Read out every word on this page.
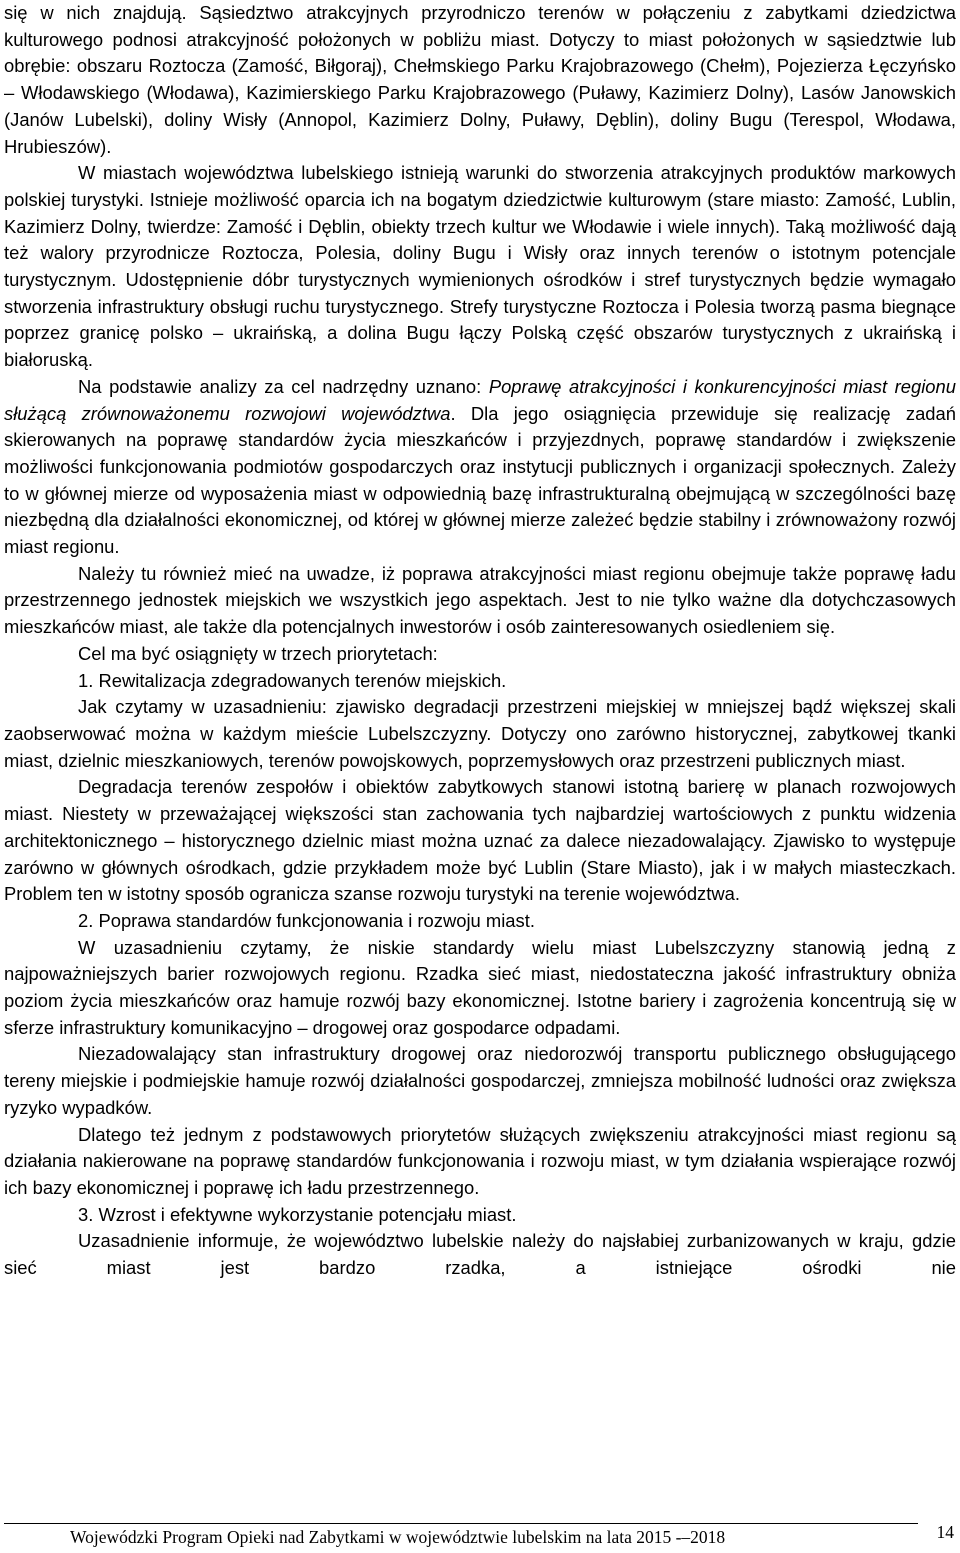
się w nich znajdują. Sąsiedztwo atrakcyjnych przyrodniczo terenów w połączeniu z zabytkami dziedzictwa kulturowego podnosi atrakcyjność położonych w pobliżu miast. Dotyczy to miast położonych w sąsiedztwie lub obrębie: obszaru Roztocza (Zamość, Biłgoraj), Chełmskiego Parku Krajobrazowego (Chełm), Pojezierza Łęczyńsko – Włodawskiego (Włodawa), Kazimierskiego Parku Krajobrazowego (Puławy, Kazimierz Dolny), Lasów Janowskich (Janów Lubelski), doliny Wisły (Annopol, Kazimierz Dolny, Puławy, Dęblin), doliny Bugu (Terespol, Włodawa, Hrubieszów).

W miastach województwa lubelskiego istnieją warunki do stworzenia atrakcyjnych produktów markowych polskiej turystyki. Istnieje możliwość oparcia ich na bogatym dziedzictwie kulturowym (stare miasto: Zamość, Lublin, Kazimierz Dolny, twierdze: Zamość i Dęblin, obiekty trzech kultur we Włodawie i wiele innych). Taką możliwość dają też walory przyrodnicze Roztocza, Polesia, doliny Bugu i Wisły oraz innych terenów o istotnym potencjale turystycznym. Udostępnienie dóbr turystycznych wymienionych ośrodków i stref turystycznych będzie wymagało stworzenia infrastruktury obsługi ruchu turystycznego. Strefy turystyczne Roztocza i Polesia tworzą pasma biegnące poprzez granicę polsko – ukraińską, a dolina Bugu łączy Polską część obszarów turystycznych z ukraińską i białoruską.

Na podstawie analizy za cel nadrzędny uznano: Poprawę atrakcyjności i konkurencyjności miast regionu służącą zrównoważonemu rozwojowi województwa. Dla jego osiągnięcia przewiduje się realizację zadań skierowanych na poprawę standardów życia mieszkańców i przyjezdnych, poprawę standardów i zwiększenie możliwości funkcjonowania podmiotów gospodarczych oraz instytucji publicznych i organizacji społecznych. Zależy to w głównej mierze od wyposażenia miast w odpowiednią bazę infrastrukturalną obejmującą w szczególności bazę niezbędną dla działalności ekonomicznej, od której w głównej mierze zależeć będzie stabilny i zrównoważony rozwój miast regionu.

Należy tu również mieć na uwadze, iż poprawa atrakcyjności miast regionu obejmuje także poprawę ładu przestrzennego jednostek miejskich we wszystkich jego aspektach. Jest to nie tylko ważne dla dotychczasowych mieszkańców miast, ale także dla potencjalnych inwestorów i osób zainteresowanych osiedleniem się.

Cel ma być osiągnięty w trzech priorytetach:

1. Rewitalizacja zdegradowanych terenów miejskich.

Jak czytamy w uzasadnieniu: zjawisko degradacji przestrzeni miejskiej w mniejszej bądź większej skali zaobserwować można w każdym mieście Lubelszczyzny. Dotyczy ono zarówno historycznej, zabytkowej tkanki miast, dzielnic mieszkaniowych, terenów powojskowych, poprzemysłowych oraz przestrzeni publicznych miast.

Degradacja terenów zespołów i obiektów zabytkowych stanowi istotną barierę w planach rozwojowych miast. Niestety w przeważającej większości stan zachowania tych najbardziej wartościowych z punktu widzenia architektonicznego – historycznego dzielnic miast można uznać za dalece niezadowalający. Zjawisko to występuje zarówno w głównych ośrodkach, gdzie przykładem może być Lublin (Stare Miasto), jak i w małych miasteczkach. Problem ten w istotny sposób ogranicza szanse rozwoju turystyki na terenie województwa.

2. Poprawa standardów funkcjonowania i rozwoju miast.

W uzasadnieniu czytamy, że niskie standardy wielu miast Lubelszczyzny stanowią jedną z najpoważniejszych barier rozwojowych regionu. Rzadka sieć miast, niedostateczna jakość infrastruktury obniża poziom życia mieszkańców oraz hamuje rozwój bazy ekonomicznej. Istotne bariery i zagrożenia koncentrują się w sferze infrastruktury komunikacyjno – drogowej oraz gospodarce odpadami.

Niezadowalający stan infrastruktury drogowej oraz niedorozwój transportu publicznego obsługującego tereny miejskie i podmiejskie hamuje rozwój działalności gospodarczej, zmniejsza mobilność ludności oraz zwiększa ryzyko wypadków.

Dlatego też jednym z podstawowych priorytetów służących zwiększeniu atrakcyjności miast regionu są działania nakierowane na poprawę standardów funkcjonowania i rozwoju miast, w tym działania wspierające rozwój ich bazy ekonomicznej i poprawę ich ładu przestrzennego.

3. Wzrost i efektywne wykorzystanie potencjału miast.

Uzasadnienie informuje, że województwo lubelskie należy do najsłabiej zurbanizowanych w kraju, gdzie sieć miast jest bardzo rzadka, a istniejące ośrodki nie

Wojewódzki Program Opieki nad Zabytkami w województwie lubelskim na lata 2015 -–2018	14
